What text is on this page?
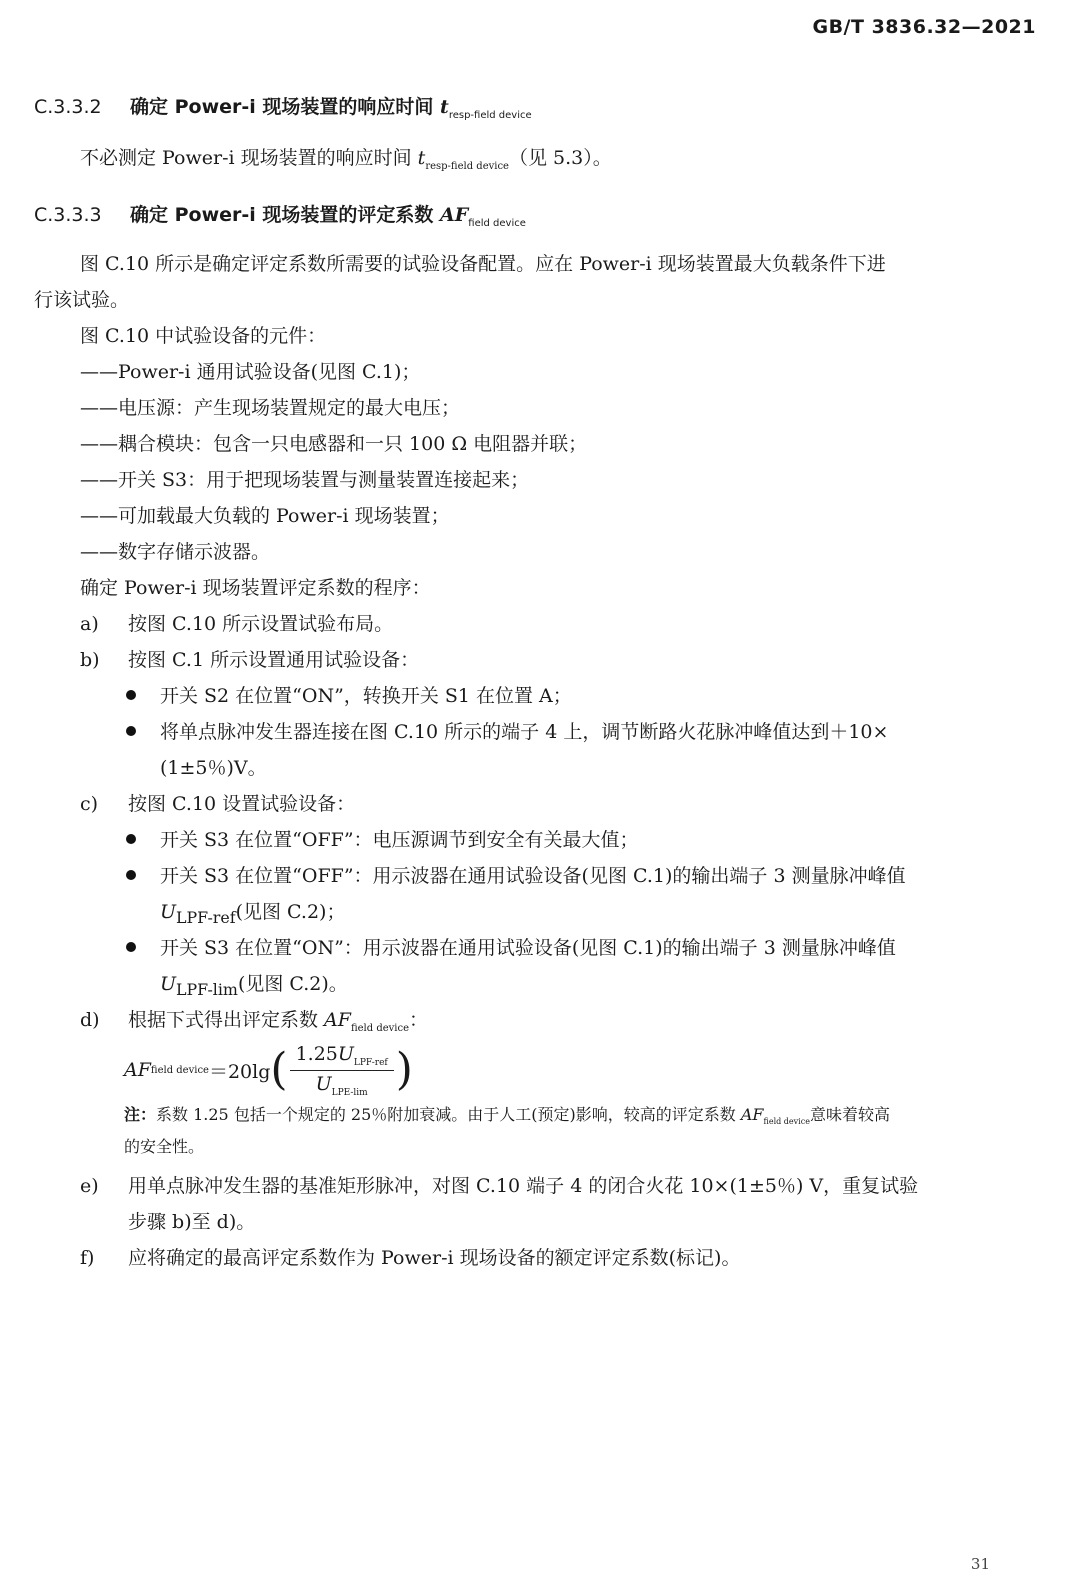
GB/T 3836.32—2021
C.3.3.2 确定 Power-i 现场装置的响应时间 $t_{resp-field device}$
不必测定 Power-i 现场装置的响应时间 $t_{resp-field device}$（见 5.3）。
C.3.3.3 确定 Power-i 现场装置的评定系数 $AF_{field device}$
图 C.10 所示是确定评定系数所需要的试验设备配置。应在 Power-i 现场装置最大负载条件下进
行该试验。
图 C.10 中试验设备的元件：
——Power-i 通用试验设备(见图 C.1)；
——电压源：产生现场装置规定的最大电压；
——耦合模块：包含一只电感器和一只 100 Ω 电阻器并联；
——开关 S3：用于把现场装置与测量装置连接起来；
——可加载最大负载的 Power-i 现场装置；
——数字存储示波器。
确定 Power-i 现场装置评定系数的程序：
a) 按图 C.10 所示设置试验布局。
b) 按图 C.1 所示设置通用试验设备：
开关 S2 在位置“ON”，转换开关 S1 在位置 A；
将单点脉冲发生器连接在图 C.10 所示的端子 4 上，调节断路火花脉冲峰值达到＋10×
(1±5％)V。
c) 按图 C.10 设置试验设备：
开关 S3 在位置“OFF”：电压源调节到安全有关最大值；
开关 S3 在位置“OFF”：用示波器在通用试验设备(见图 C.1)的输出端子 3 测量脉冲峰值
$U_{LPF-ref}$(见图 C.2)；
开关 S3 在位置“ON”：用示波器在通用试验设备(见图 C.1)的输出端子 3 测量脉冲峰值
$U_{LPF-lim}$(见图 C.2)。
d) 根据下式得出评定系数 $AF_{field device}$：
AF field device ＝20lg ( $\frac{1.25U_{LPF-ref}}{U_{LPE-lim}}$ )
注：系数 1.25 包括一个规定的 25％附加衰减。由于人工(预定)影响，较高的评定系数 $AF_{field device}$意味着较高
的安全性。
e) 用单点脉冲发生器的基准矩形脉冲，对图 C.10 端子 4 的闭合火花 10×(1±5％) V，重复试验
步骤 b)至 d)。
f) 应将确定的最高评定系数作为 Power-i 现场设备的额定评定系数(标记)。
31
